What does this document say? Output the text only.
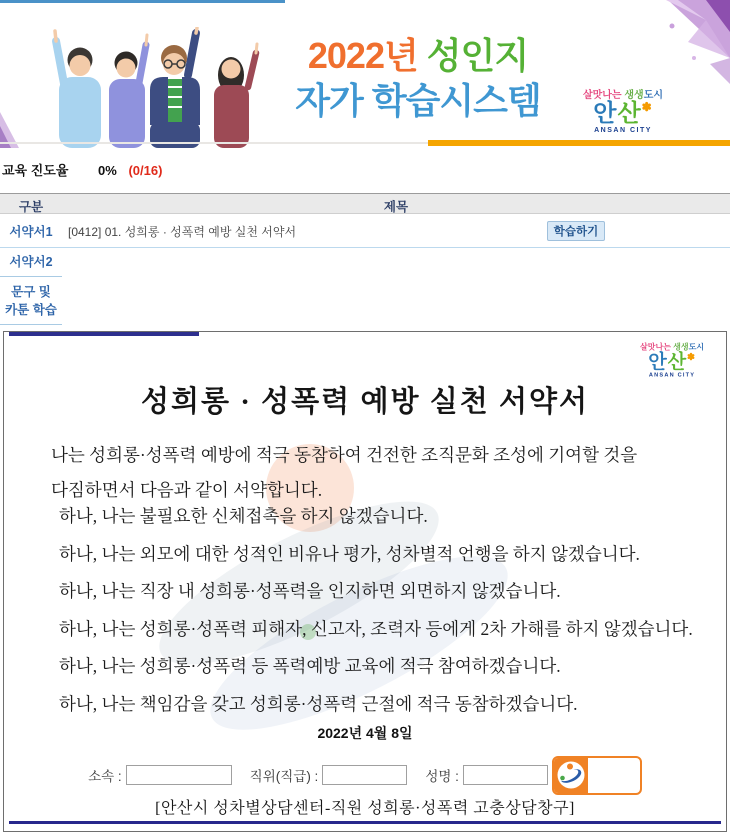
2022년 성인지
자가 학습시스템	살맛나는 생생도시
안산✽
ANSAN CITY
교육 진도율 0% (0/16)
구분	제목
서약서1	[0412] 01. 성희롱 · 성폭력 예방 실천 서약서	학습하기
서약서2
문구 및
카툰 학습
살맛나는 생생도시
안산✽
ANSAN CITY
성희롱 · 성폭력 예방 실천 서약서
나는 성희롱·성폭력 예방에 적극 동참하여 건전한 조직문화 조성에 기여할 것을
다짐하면서 다음과 같이 서약합니다.
하나, 나는 불필요한 신체접촉을 하지 않겠습니다.
하나, 나는 외모에 대한 성적인 비유나 평가, 성차별적 언행을 하지 않겠습니다.
하나, 나는 직장 내 성희롱·성폭력을 인지하면 외면하지 않겠습니다.
하나, 나는 성희롱·성폭력 피해자, 신고자, 조력자 등에게 2차 가해를 하지 않겠습니다.
하나, 나는 성희롱·성폭력 등 폭력예방 교육에 적극 참여하겠습니다.
하나, 나는 책임감을 갖고 성희롱·성폭력 근절에 적극 동참하겠습니다.
2022년 4월 8일
소속 :	직위(직급) :	성명 :
[안산시 성차별상담센터-직원 성희롱·성폭력 고충상담창구]
